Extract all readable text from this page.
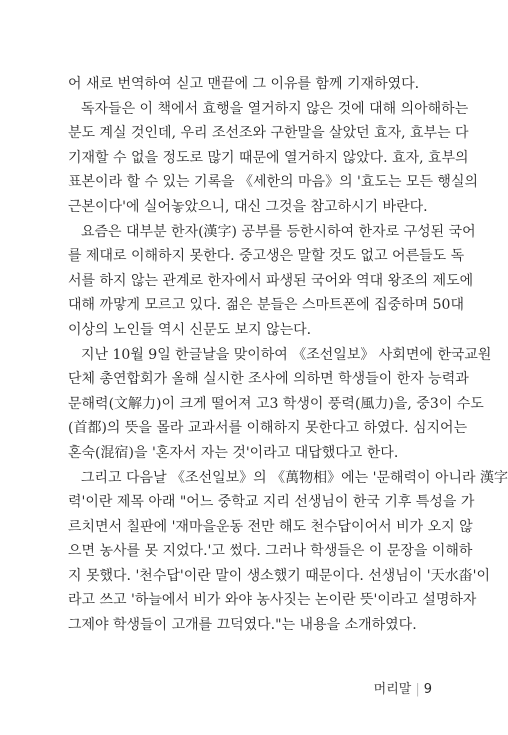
어 새로 번역하여 싣고 맨끝에 그 이유를 함께 기재하였다.
독자들은 이 책에서 효행을 열거하지 않은 것에 대해 의아해하는
분도 계실 것인데, 우리 조선조와 구한말을 살았던 효자, 효부는 다
기재할 수 없을 정도로 많기 때문에 열거하지 않았다. 효자, 효부의
표본이라 할 수 있는 기록을 《세한의 마음》의 '효도는 모든 행실의
근본이다'에 실어놓았으니, 대신 그것을 참고하시기 바란다.
요즘은 대부분 한자(漢字) 공부를 등한시하여 한자로 구성된 국어
를 제대로 이해하지 못한다. 중고생은 말할 것도 없고 어른들도 독
서를 하지 않는 관계로 한자에서 파생된 국어와 역대 왕조의 제도에
대해 까맣게 모르고 있다. 젊은 분들은 스마트폰에 집중하며 50대
이상의 노인들 역시 신문도 보지 않는다.
지난 10월 9일 한글날을 맞이하여 《조선일보》 사회면에 한국교원
단체 총연합회가 올해 실시한 조사에 의하면 학생들이 한자 능력과
문해력(文解力)이 크게 떨어져 고3 학생이 풍력(風力)을, 중3이 수도
(首都)의 뜻을 몰라 교과서를 이해하지 못한다고 하였다. 심지어는
혼숙(混宿)을 '혼자서 자는 것'이라고 대답했다고 한다.
그리고 다음날 《조선일보》의 《萬物相》에는 '문해력이 아니라 漢字
력'이란 제목 아래 "어느 중학교 지리 선생님이 한국 기후 특성을 가
르치면서 칠판에 '재마을운동 전만 해도 천수답이어서 비가 오지 않
으면 농사를 못 지었다.'고 썼다. 그러나 학생들은 이 문장을 이해하
지 못했다. '천수답'이란 말이 생소했기 때문이다. 선생님이 '天水畓'이
라고 쓰고 '하늘에서 비가 와야 농사짓는 논이란 뜻'이라고 설명하자
그제야 학생들이 고개를 끄덕였다."는 내용을 소개하였다.
머리말 | 9
